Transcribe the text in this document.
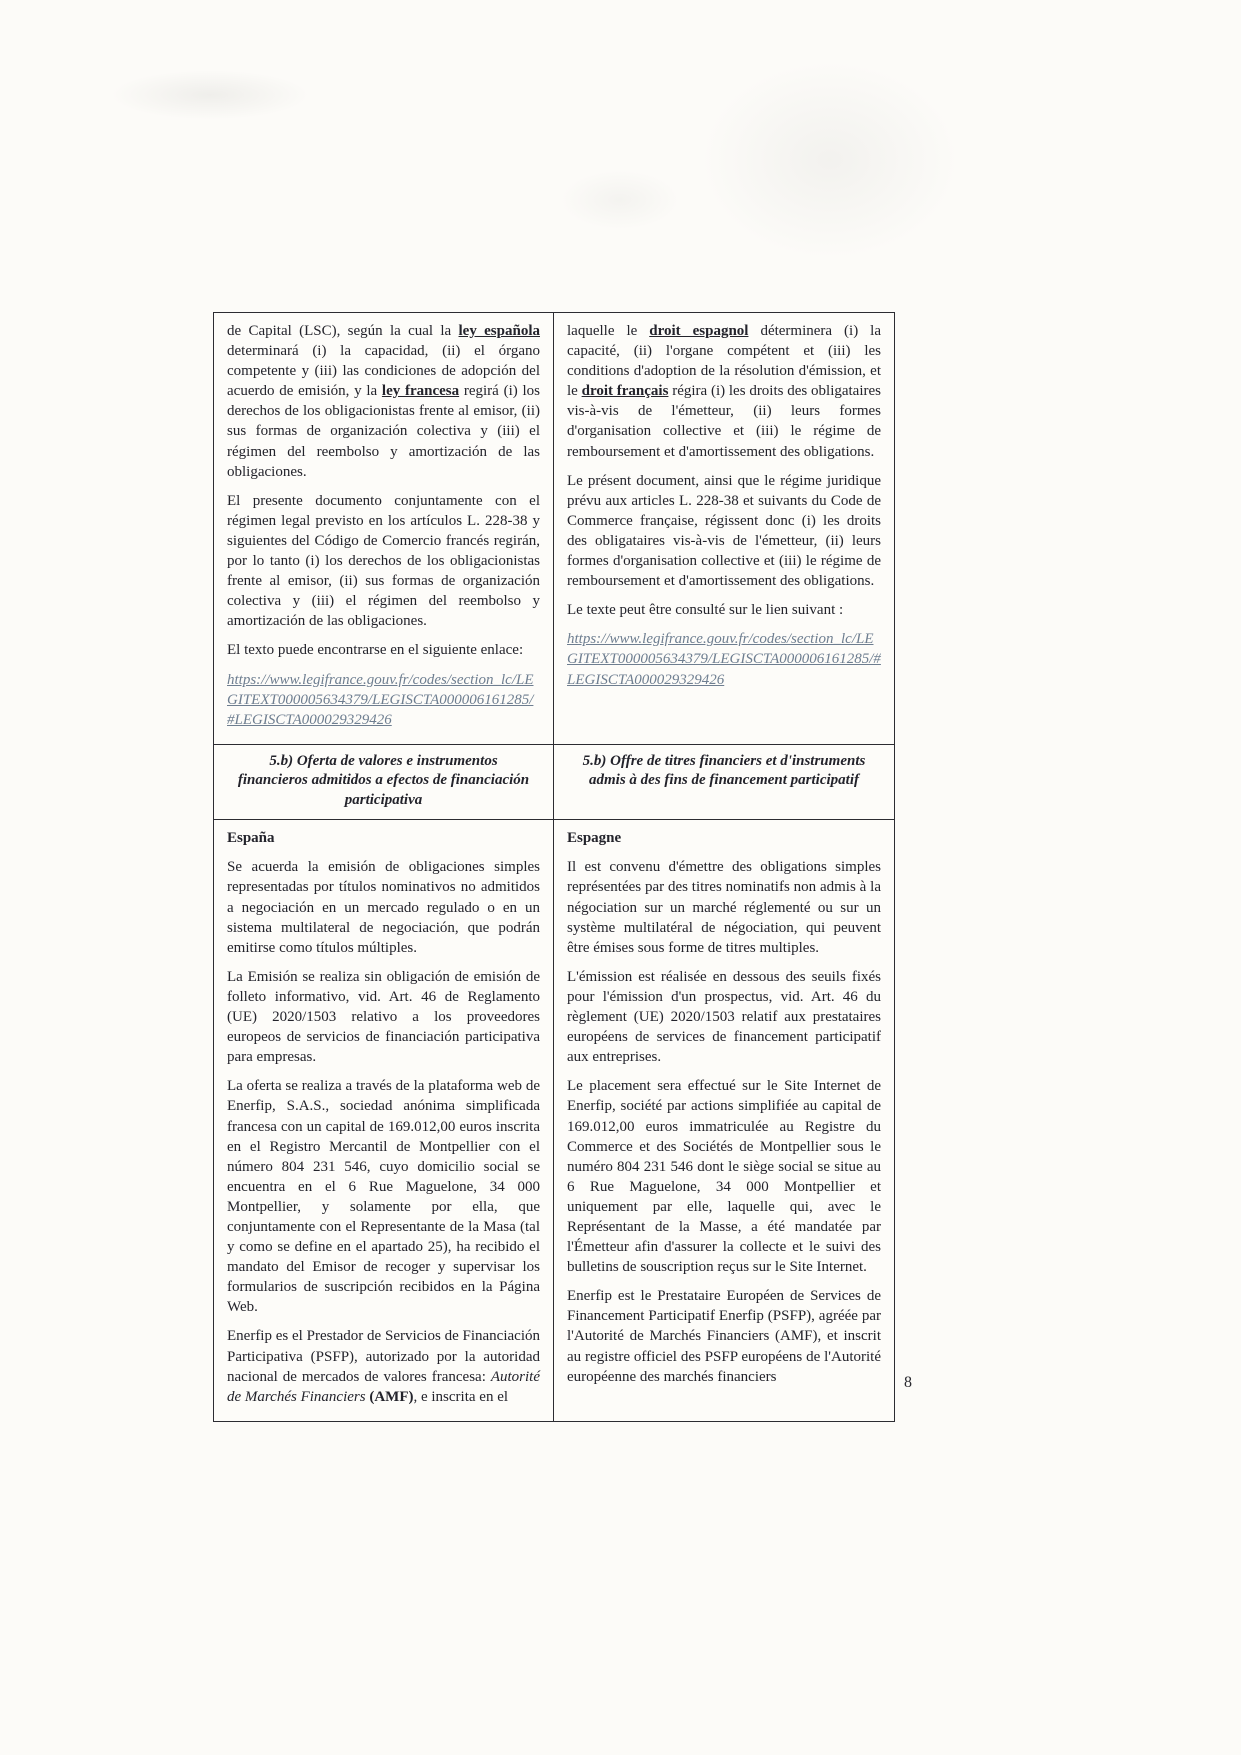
de Capital (LSC), según la cual la ley española determinará (i) la capacidad, (ii) el órgano competente y (iii) las condiciones de adopción del acuerdo de emisión, y la ley francesa regirá (i) los derechos de los obligacionistas frente al emisor, (ii) sus formas de organización colectiva y (iii) el régimen del reembolso y amortización de las obligaciones.

El presente documento conjuntamente con el régimen legal previsto en los artículos L. 228-38 y siguientes del Código de Comercio francés regirán, por lo tanto (i) los derechos de los obligacionistas frente al emisor, (ii) sus formas de organización colectiva y (iii) el régimen del reembolso y amortización de las obligaciones.

El texto puede encontrarse en el siguiente enlace:

https://www.legifrance.gouv.fr/codes/section_lc/LEGITEXT000005634379/LEGISCTA000006161285/#LEGISCTA000029329426

laquelle le droit espagnol déterminera (i) la capacité, (ii) l'organe compétent et (iii) les conditions d'adoption de la résolution d'émission, et le droit français régira (i) les droits des obligataires vis-à-vis de l'émetteur, (ii) leurs formes d'organisation collective et (iii) le régime de remboursement et d'amortissement des obligations.

Le présent document, ainsi que le régime juridique prévu aux articles L. 228-38 et suivants du Code de Commerce française, régissent donc (i) les droits des obligataires vis-à-vis de l'émetteur, (ii) leurs formes d'organisation collective et (iii) le régime de remboursement et d'amortissement des obligations.

Le texte peut être consulté sur le lien suivant :

https://www.legifrance.gouv.fr/codes/section_lc/LEGITEXT000005634379/LEGISCTA000006161285/#LEGISCTA000029329426

5.b) Oferta de valores e instrumentos financieros admitidos a efectos de financiación participativa
5.b) Offre de titres financiers et d'instruments admis à des fins de financement participatif

España

Se acuerda la emisión de obligaciones simples representadas por títulos nominativos no admitidos a negociación en un mercado regulado o en un sistema multilateral de negociación, que podrán emitirse como títulos múltiples.

La Emisión se realiza sin obligación de emisión de folleto informativo, vid. Art. 46 de Reglamento (UE) 2020/1503 relativo a los proveedores europeos de servicios de financiación participativa para empresas.

La oferta se realiza a través de la plataforma web de Enerfip, S.A.S., sociedad anónima simplificada francesa con un capital de 169.012,00 euros inscrita en el Registro Mercantil de Montpellier con el número 804 231 546, cuyo domicilio social se encuentra en el 6 Rue Maguelone, 34 000 Montpellier, y solamente por ella, que conjuntamente con el Representante de la Masa (tal y como se define en el apartado 25), ha recibido el mandato del Emisor de recoger y supervisar los formularios de suscripción recibidos en la Página Web.

Enerfip es el Prestador de Servicios de Financiación Participativa (PSFP), autorizado por la autoridad nacional de mercados de valores francesa: Autorité de Marchés Financiers (AMF), e inscrita en el

Espagne

Il est convenu d'émettre des obligations simples représentées par des titres nominatifs non admis à la négociation sur un marché réglementé ou sur un système multilatéral de négociation, qui peuvent être émises sous forme de titres multiples.

L'émission est réalisée en dessous des seuils fixés pour l'émission d'un prospectus, vid. Art. 46 du règlement (UE) 2020/1503 relatif aux prestataires européens de services de financement participatif aux entreprises.

Le placement sera effectué sur le Site Internet de Enerfip, société par actions simplifiée au capital de 169.012,00 euros immatriculée au Registre du Commerce et des Sociétés de Montpellier sous le numéro 804 231 546 dont le siège social se situe au 6 Rue Maguelone, 34 000 Montpellier et uniquement par elle, laquelle qui, avec le Représentant de la Masse, a été mandatée par l'Émetteur afin d'assurer la collecte et le suivi des bulletins de souscription reçus sur le Site Internet.

Enerfip est le Prestataire Européen de Services de Financement Participatif Enerfip (PSFP), agréée par l'Autorité de Marchés Financiers (AMF), et inscrit au registre officiel des PSFP européens de l'Autorité européenne des marchés financiers	8
